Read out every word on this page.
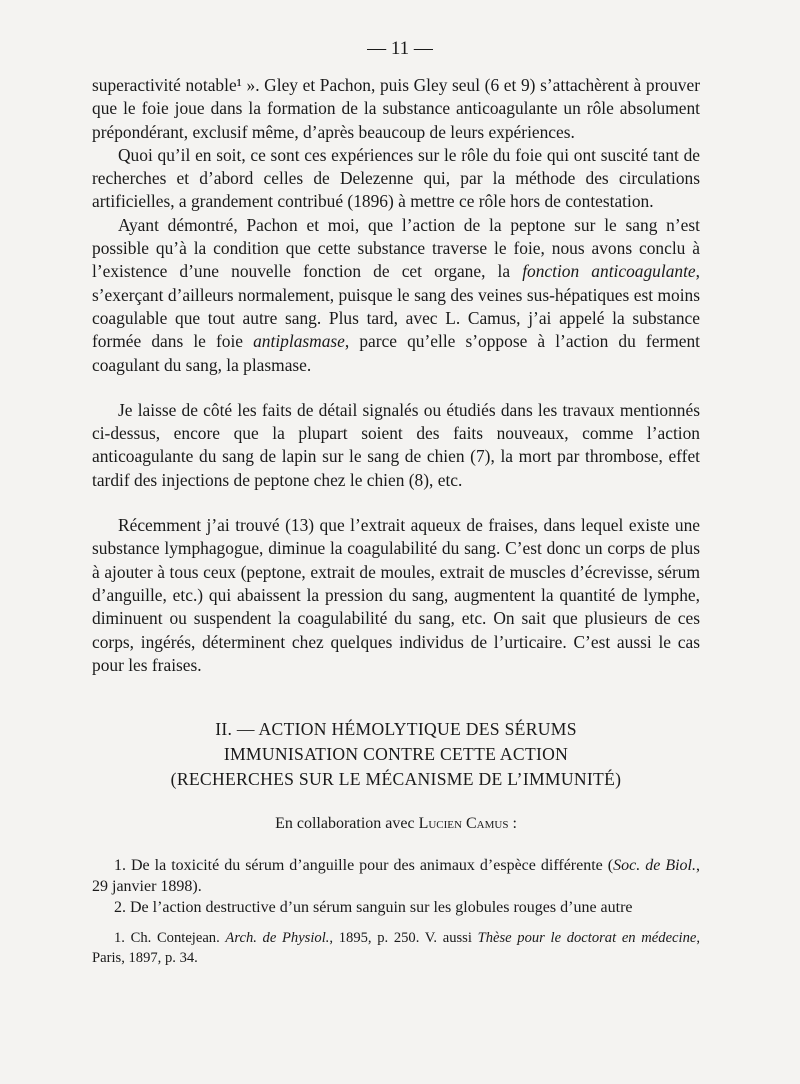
— 11 —

superactivité notable¹ ». Gley et Pachon, puis Gley seul (6 et 9) s’attachèrent à prouver que le foie joue dans la formation de la substance anticoagulante un rôle absolument prépondérant, exclusif même, d’après beaucoup de leurs expériences.

Quoi qu’il en soit, ce sont ces expériences sur le rôle du foie qui ont suscité tant de recherches et d’abord celles de Delezenne qui, par la méthode des circulations artificielles, a grandement contribué (1896) à mettre ce rôle hors de contestation.

Ayant démontré, Pachon et moi, que l’action de la peptone sur le sang n’est possible qu’à la condition que cette substance traverse le foie, nous avons conclu à l’existence d’une nouvelle fonction de cet organe, la fonction anticoagulante, s’exerçant d’ailleurs normalement, puisque le sang des veines sus-hépatiques est moins coagulable que tout autre sang. Plus tard, avec L. Camus, j’ai appelé la substance formée dans le foie antiplasmase, parce qu’elle s’oppose à l’action du ferment coagulant du sang, la plasmase.

Je laisse de côté les faits de détail signalés ou étudiés dans les travaux mentionnés ci-dessus, encore que la plupart soient des faits nouveaux, comme l’action anticoagulante du sang de lapin sur le sang de chien (7), la mort par thrombose, effet tardif des injections de peptone chez le chien (8), etc.

Récemment j’ai trouvé (13) que l’extrait aqueux de fraises, dans lequel existe une substance lymphagogue, diminue la coagulabilité du sang. C’est donc un corps de plus à ajouter à tous ceux (peptone, extrait de moules, extrait de muscles d’écrevisse, sérum d’anguille, etc.) qui abaissent la pression du sang, augmentent la quantité de lymphe, diminuent ou suspendent la coagulabilité du sang, etc. On sait que plusieurs de ces corps, ingérés, déterminent chez quelques individus de l’urticaire. C’est aussi le cas pour les fraises.

II. — ACTION HÉMOLYTIQUE DES SÉRUMS
IMMUNISATION CONTRE CETTE ACTION
(RECHERCHES SUR LE MÉCANISME DE L’IMMUNITÉ)
En collaboration avec Lucien Camus :

1. De la toxicité du sérum d’anguille pour des animaux d’espèce différente (Soc. de Biol., 29 janvier 1898).

2. De l’action destructive d’un sérum sanguin sur les globules rouges d’une autre

1. Ch. Contejean. Arch. de Physiol., 1895, p. 250. V. aussi Thèse pour le doctorat en médecine, Paris, 1897, p. 34.
